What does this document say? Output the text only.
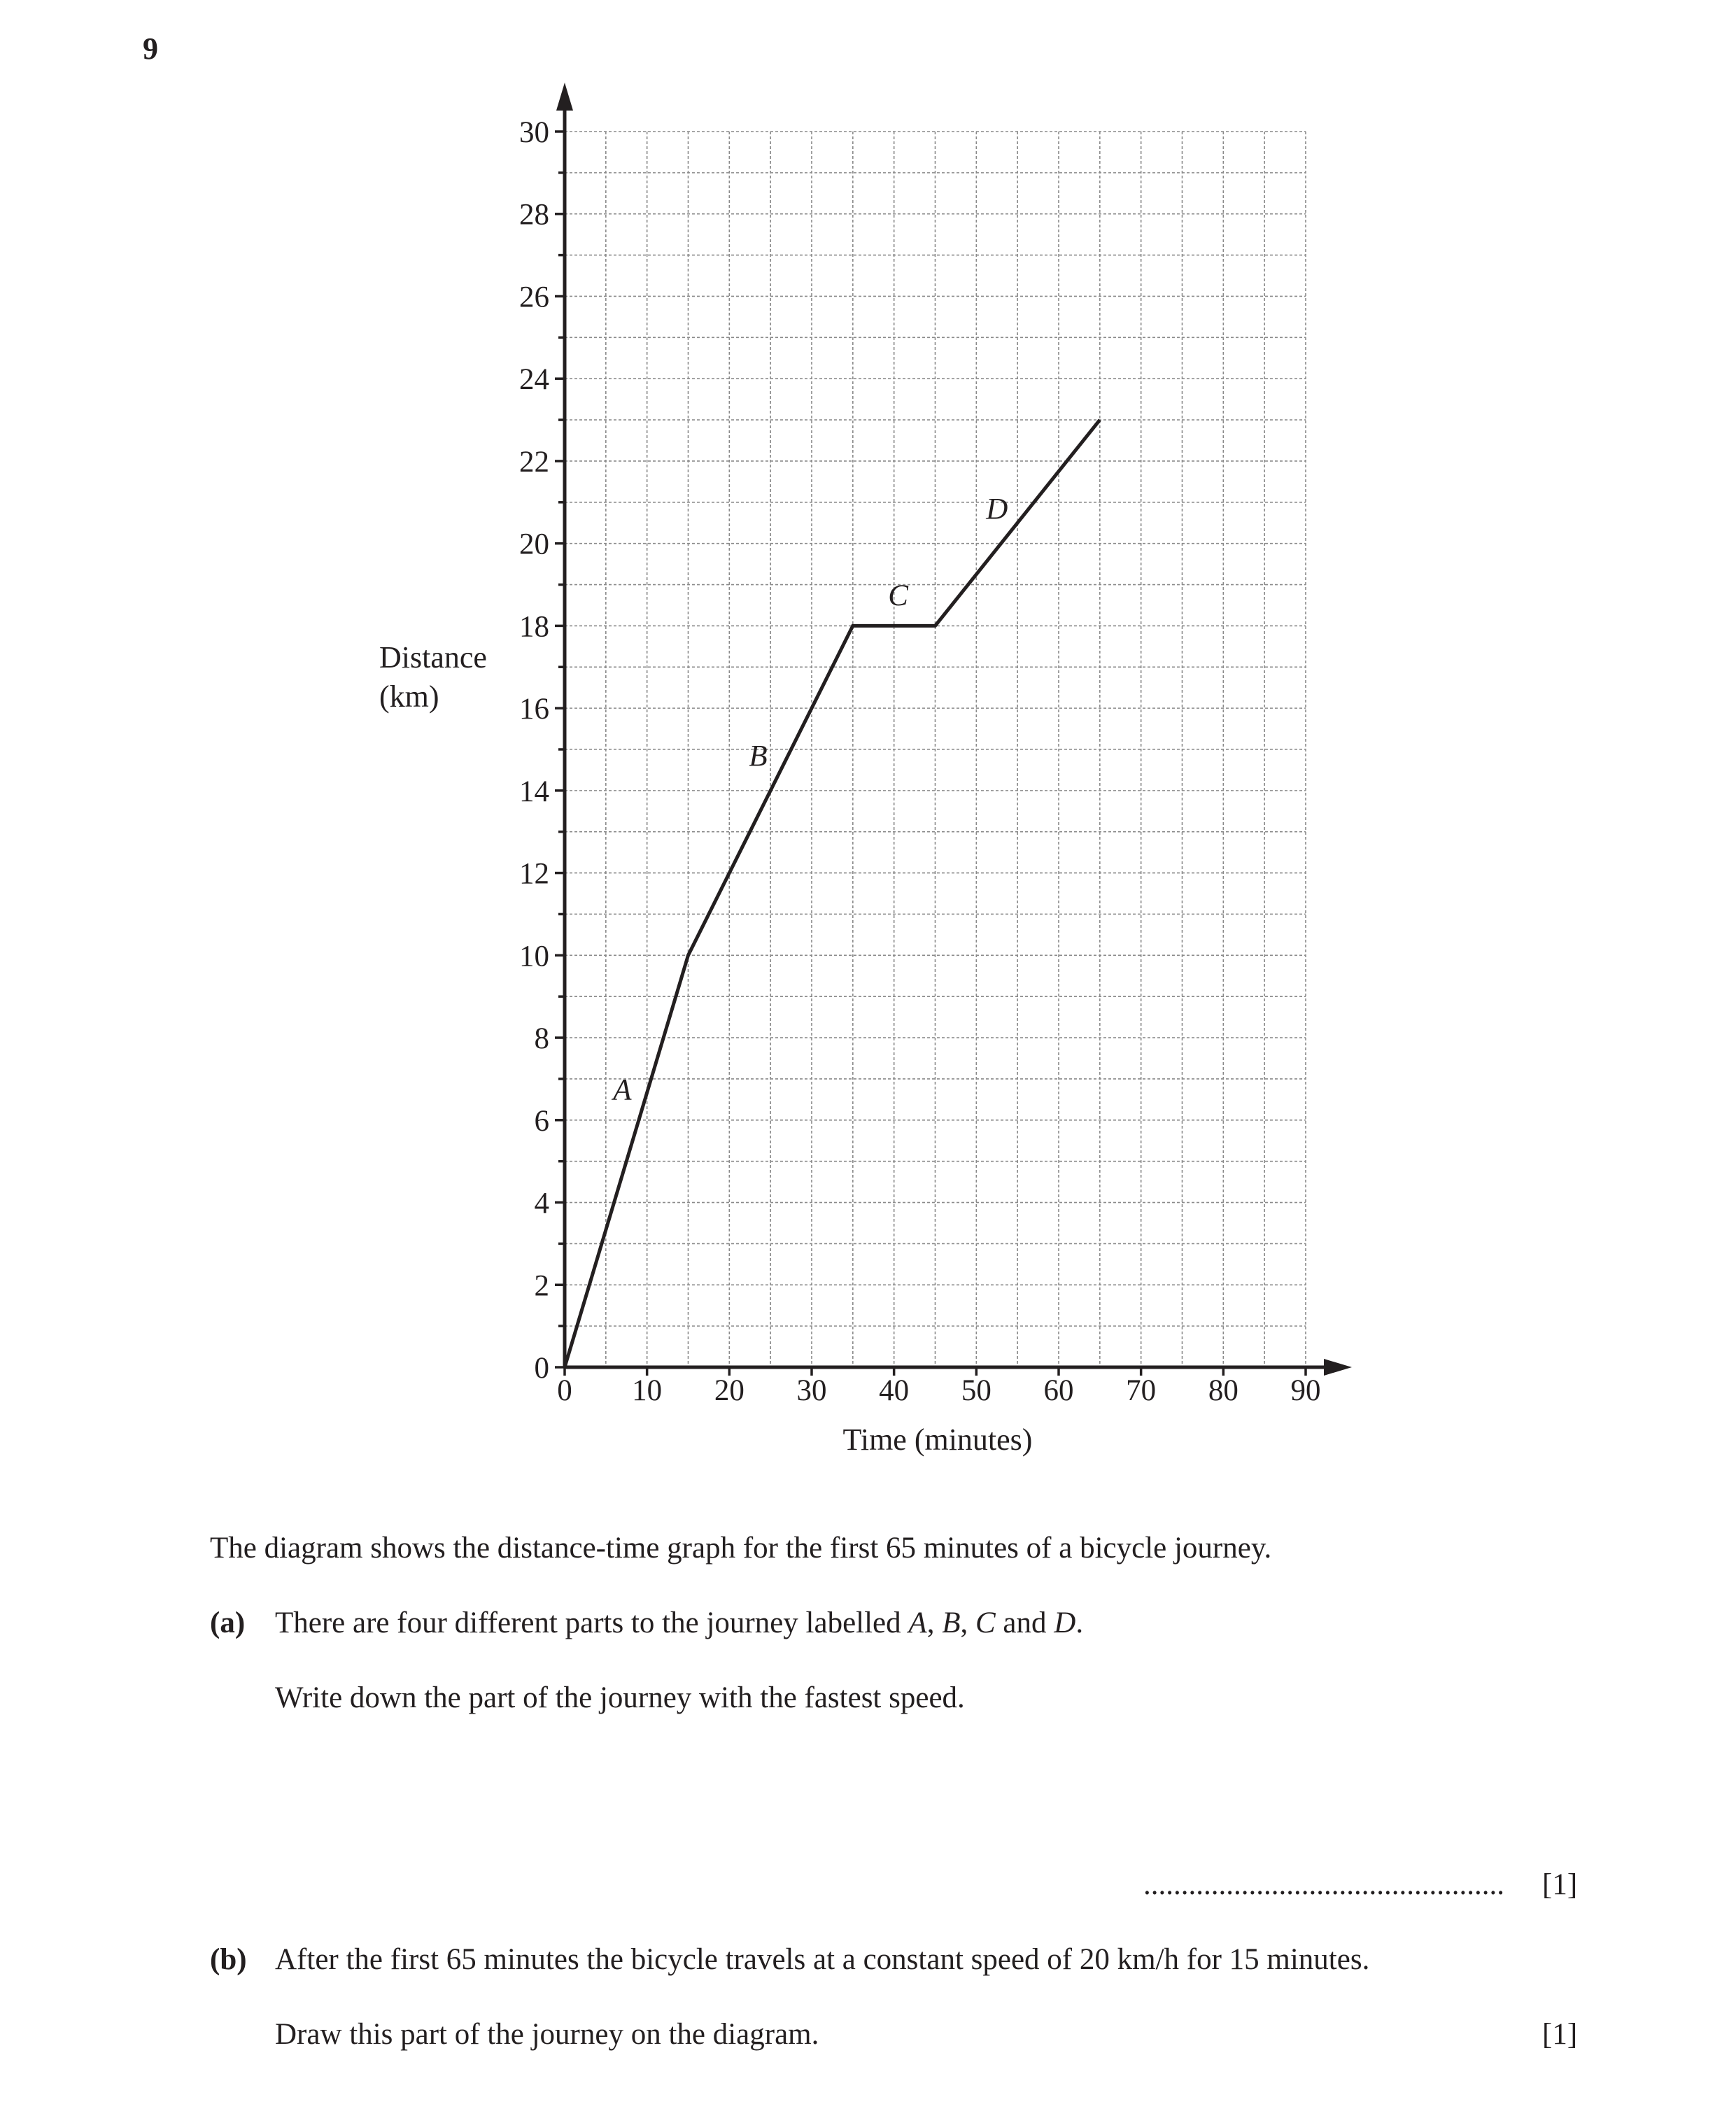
9
0
2
4
6
8
10
12
14
16
18
20
22
24
26
28
30
0 10 20 30 40 50 60 70 80 90
A
B
C
D
Time (minutes)
Distance
(km)
The diagram shows the distance-time graph for the first 65 minutes of a bicycle journey.
(a) There are four different parts to the journey labelled A, B, C and D.
Write down the part of the journey with the fastest speed.
................................................ [1]
(b) After the first 65 minutes the bicycle travels at a constant speed of 20 km/h for 15 minutes.
Draw this part of the journey on the diagram.	[1]
